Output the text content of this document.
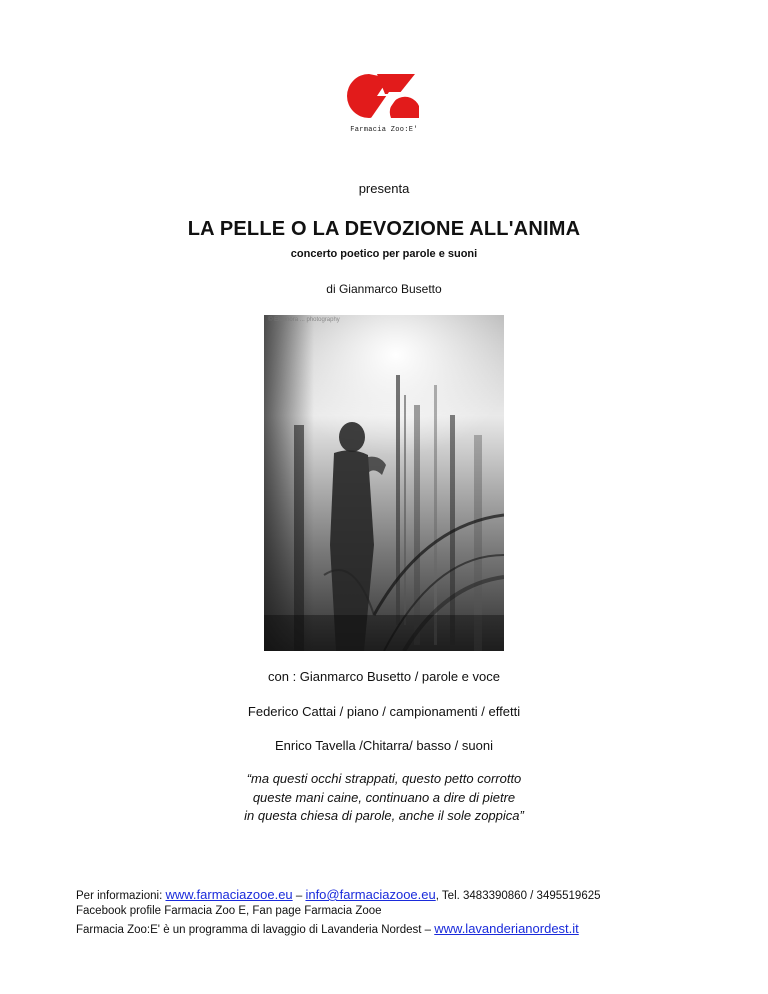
Farmacia Zoo:E'
presenta
LA PELLE O LA DEVOZIONE ALL'ANIMA
concerto poetico per parole e suoni
di Gianmarco Busetto
© Eleonora ... photography
con : Gianmarco Busetto / parole e voce
Federico Cattai / piano / campionamenti / effetti
Enrico Tavella /Chitarra/ basso / suoni
“ma questi occhi strappati, questo petto corrotto
queste mani caine, continuano a dire di pietre
in questa chiesa di parole, anche il sole zoppica”
Per informazioni: www.farmaciazooe.eu – info@farmaciazooe.eu, Tel. 3483390860 / 3495519625
Facebook profile Farmacia Zoo E, Fan page Farmacia Zooe
Farmacia Zoo:E' è un programma di lavaggio di Lavanderia Nordest – www.lavanderianordest.it
